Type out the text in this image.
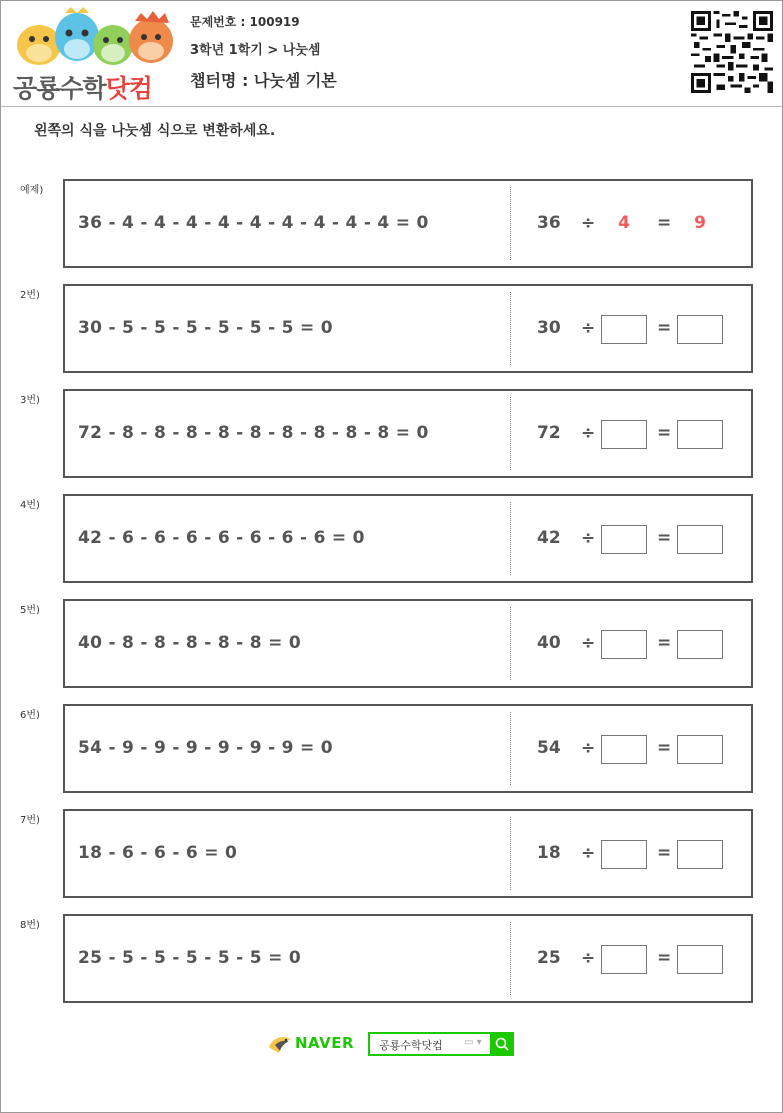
공룡수학닷컴
문제번호 : 100919
3학년 1학기 > 나눗셈
챕터명 : 나눗셈 기본
왼쪽의 식을 나눗셈 식으로 변환하세요.
예제)
36 - 4 - 4 - 4 - 4 - 4 - 4 - 4 - 4 - 4 = 0	36 ÷	4	=	9
2번)
30 - 5 - 5 - 5 - 5 - 5 - 5 = 0	30 ÷	=
3번)
72 - 8 - 8 - 8 - 8 - 8 - 8 - 8 - 8 - 8 = 0	72 ÷	=
4번)
42 - 6 - 6 - 6 - 6 - 6 - 6 - 6 = 0	42 ÷	=
5번)
40 - 8 - 8 - 8 - 8 - 8 = 0	40 ÷	=
6번)
54 - 9 - 9 - 9 - 9 - 9 - 9 = 0	54 ÷	=
7번)
18 - 6 - 6 - 6 = 0	18 ÷	=
8번)
25 - 5 - 5 - 5 - 5 - 5 = 0	25 ÷	=
NAVER 공룡수학닷컴 ▭ ▾
